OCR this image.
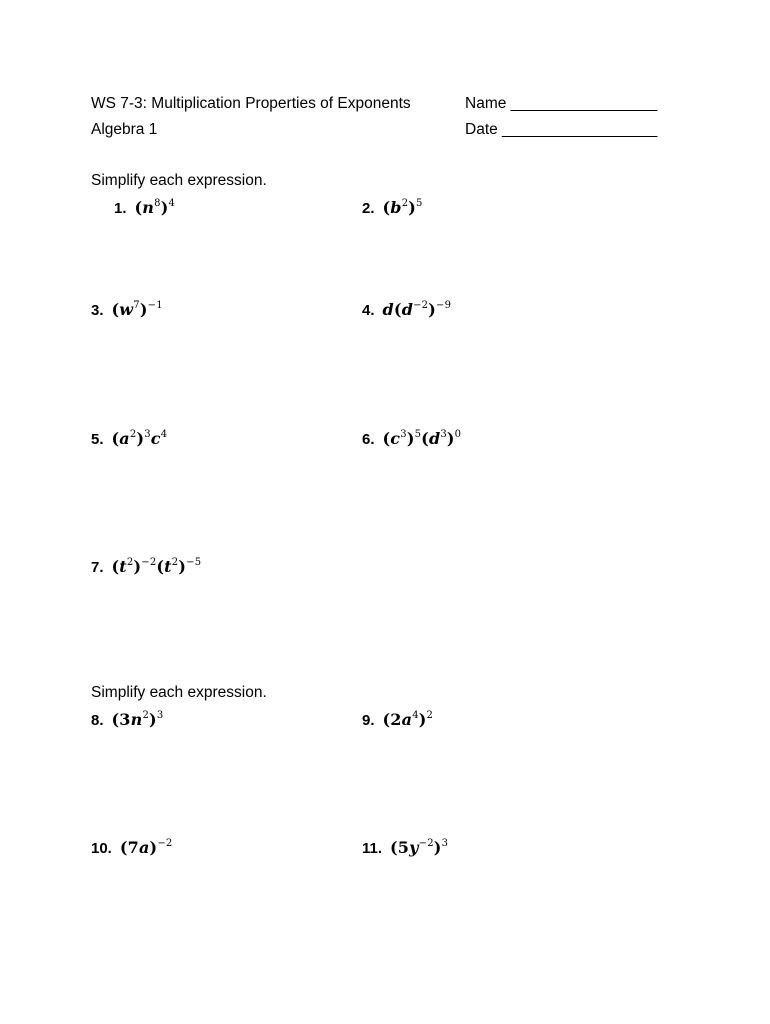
WS 7-3: Multiplication Properties of Exponents
Algebra 1
Name _________________
Date __________________
Simplify each expression.
Simplify each expression.
1. $(n^8)^4$	2. $(b^2)^5$
3. $(w^7)^{-1}$	4. $d(d^{-2})^{-9}$
5. $(a^2)^3c^4$	6. $(c^3)^5(d^3)^0$
7. $(t^2)^{-2}(t^2)^{-5}$
8. $(3n^2)^3$	9. $(2a^4)^2$
10. $(7a)^{-2}$	11. $(5y^{-2})^3$
